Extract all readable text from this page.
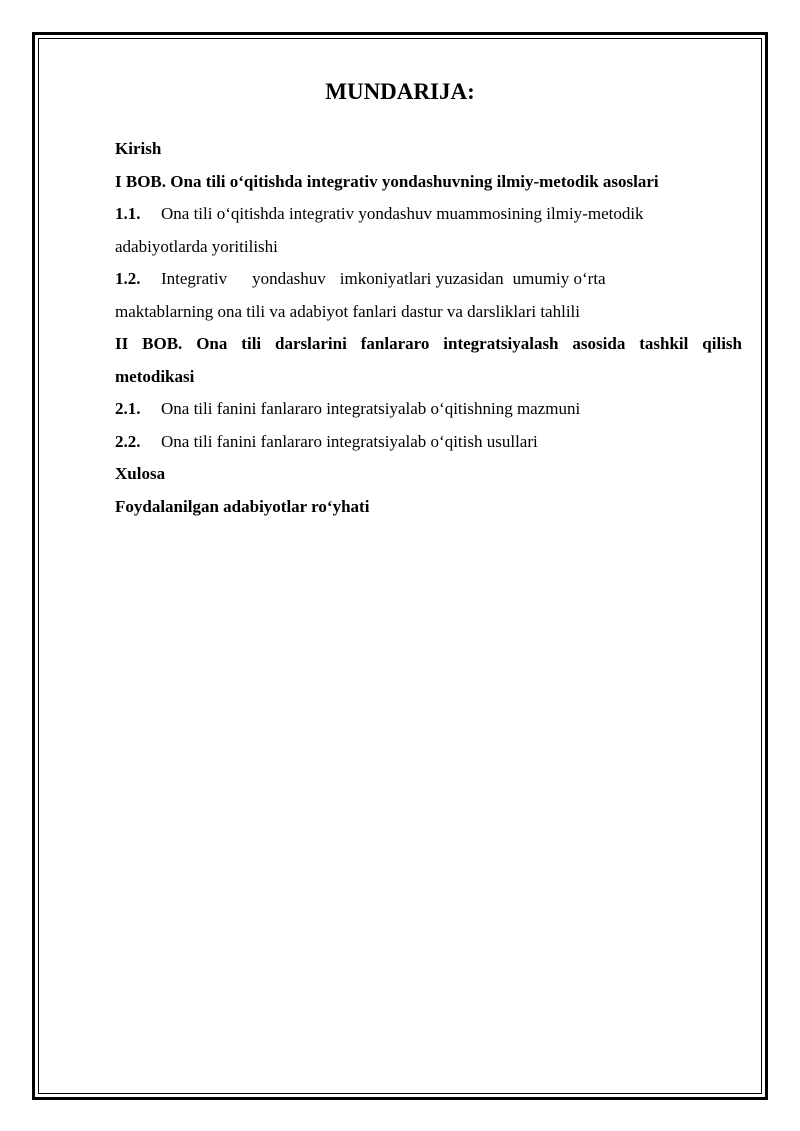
MUNDARIJA:
Kirish
I BOB. Ona tili o‘qitishda integrativ yondashuvning ilmiy-metodik asoslari
1.1. Ona tili o‘qitishda integrativ yondashuv muammosining ilmiy-metodik
adabiyotlarda yoritilishi
1.2. Integrativ yondashuv imkoniyatlari yuzasidan umumiy o‘rta
maktablarning ona tili va adabiyot fanlari dastur va darsliklari tahlili
II BOB. Ona tili darslarini fanlararo integratsiyalash asosida tashkil qilish
metodikasi
2.1. Ona tili fanini fanlararo integratsiyalab o‘qitishning mazmuni
2.2. Ona tili fanini fanlararo integratsiyalab o‘qitish usullari
Xulosa
Foydalanilgan adabiyotlar ro‘yhati
